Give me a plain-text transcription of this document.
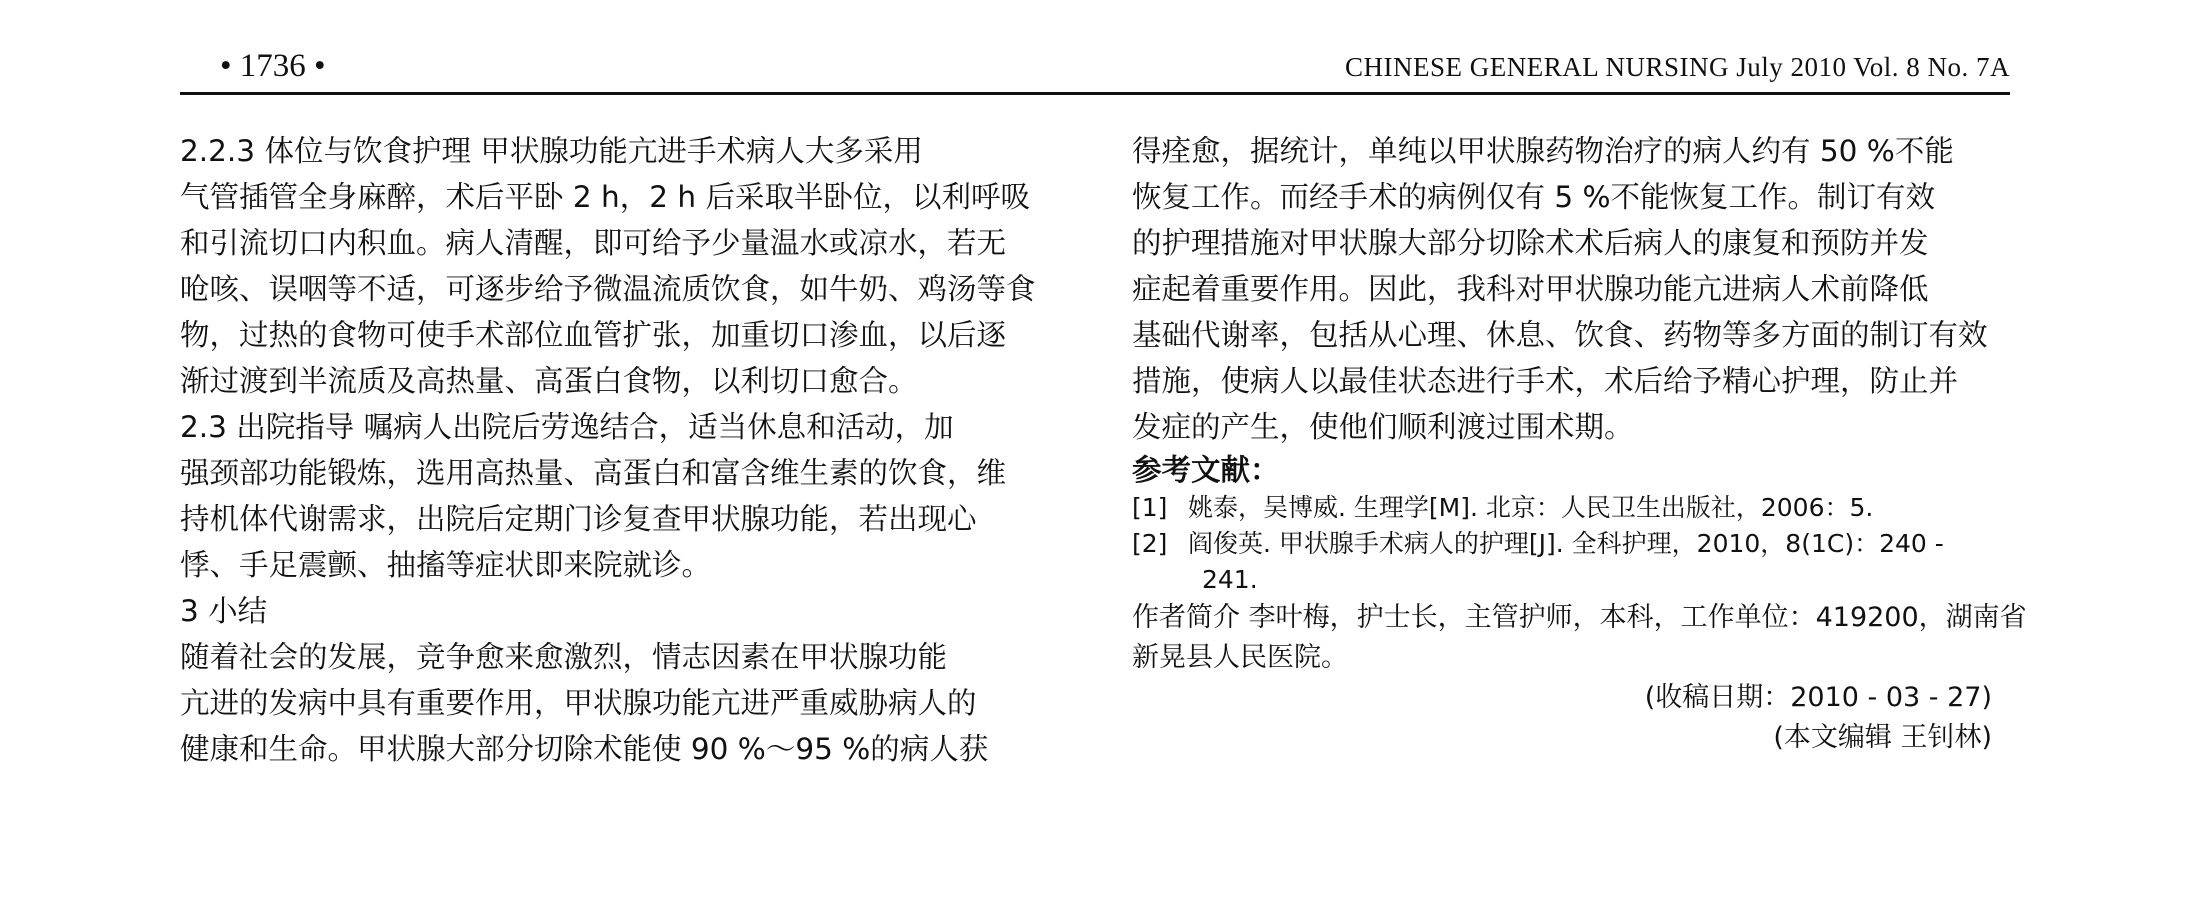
• 1736 •	CHINESE GENERAL NURSING July 2010 Vol. 8 No. 7A
2.2.3 体位与饮食护理 甲状腺功能亢进手术病人大多采用
气管插管全身麻醉，术后平卧 2 h，2 h 后采取半卧位，以利呼吸
和引流切口内积血。病人清醒，即可给予少量温水或凉水，若无
呛咳、误咽等不适，可逐步给予微温流质饮食，如牛奶、鸡汤等食
物，过热的食物可使手术部位血管扩张，加重切口渗血，以后逐
渐过渡到半流质及高热量、高蛋白食物，以利切口愈合。
2.3 出院指导 嘱病人出院后劳逸结合，适当休息和活动，加
强颈部功能锻炼，选用高热量、高蛋白和富含维生素的饮食，维
持机体代谢需求，出院后定期门诊复查甲状腺功能，若出现心
悸、手足震颤、抽搐等症状即来院就诊。
3 小结
随着社会的发展，竞争愈来愈激烈，情志因素在甲状腺功能
亢进的发病中具有重要作用，甲状腺功能亢进严重威胁病人的
健康和生命。甲状腺大部分切除术能使 90 %～95 %的病人获
得痊愈，据统计，单纯以甲状腺药物治疗的病人约有 50 %不能
恢复工作。而经手术的病例仅有 5 %不能恢复工作。制订有效
的护理措施对甲状腺大部分切除术术后病人的康复和预防并发
症起着重要作用。因此，我科对甲状腺功能亢进病人术前降低
基础代谢率，包括从心理、休息、饮食、药物等多方面的制订有效
措施，使病人以最佳状态进行手术，术后给予精心护理，防止并
发症的产生，使他们顺利渡过围术期。
参考文献：
[1] 姚泰，吴博威. 生理学[M]. 北京：人民卫生出版社，2006：5.
[2] 阎俊英. 甲状腺手术病人的护理[J]. 全科护理，2010，8(1C)：240 -
241.
作者简介 李叶梅，护士长，主管护师，本科，工作单位：419200，湖南省
新晃县人民医院。
(收稿日期：2010 - 03 - 27)
(本文编辑 王钊林)
